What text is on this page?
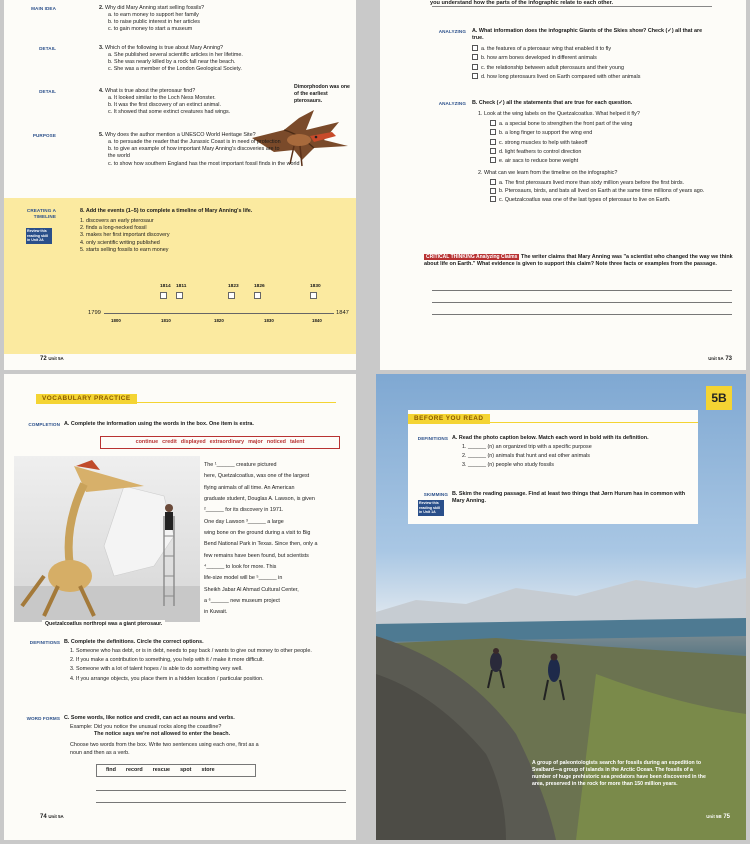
MAIN IDEA	2. Why did Mary Anning start selling fossils?
a. to earn money to support her family
b. to raise public interest in her articles
c. to gain money to start a museum
DETAIL	3. Which of the following is true about Mary Anning?
a. She published several scientific articles in her lifetime.
b. She was nearly killed by a rock fall near the beach.
c. She was a member of the London Geological Society.
DETAIL	4. What is true about the pterosaur find?
a. It looked similar to the Loch Ness Monster.
b. It was the first discovery of an extinct animal.
c. It showed that some extinct creatures had wings.
Dimorphodon was one of the earliest pterosaurs.
PURPOSE	5. Why does the author mention a UNESCO World Heritage Site?
a. to persuade the reader that the Jurassic Coast is in need of protection
b. to give an example of how important Mary Anning's discoveries are to the world
c. to show how southern England has the most important fossil finds in the world
CREATING A TIMELINE
Review this reading skill in Unit 2A
8. Add the events (1–5) to complete a timeline of Mary Anning's life.
1. discovers an early pterosaur
2. finds a long-necked fossil
3. makes her first important discovery
4. only scientific writing published
5. starts selling fossils to earn money
1814 1811	1823	1826	1830
1799	1847
1800	1810	1820	1830	1840
72 Unit 5A
you understand how the parts of the infographic relate to each other.
ANALYZING A. What information does the infographic Giants of the Skies show? Check (✓) all that are true.
a. the features of a pterosaur wing that enabled it to fly
b. how arm bones developed in different animals
c. the relationship between adult pterosaurs and their young
d. how long pterosaurs lived on Earth compared with other animals
ANALYZING B. Check (✓) all the statements that are true for each question.
1. Look at the wing labels on the Quetzalcoatlus. What helped it fly?
a. a special bone to strengthen the front part of the wing
b. a long finger to support the wing end
c. strong muscles to help with takeoff
d. light feathers to control direction
e. air sacs to reduce bone weight
2. What can we learn from the timeline on the infographic?
a. The first pterosaurs lived more than sixty million years before the first birds.
b. Pterosaurs, birds, and bats all lived on Earth at the same time millions of years ago.
c. Quetzalcoatlus was one of the last types of pterosaur to live on Earth.
CRITICAL THINKING Analyzing Claims The writer claims that Mary Anning was "a scientist who changed the way we think about life on Earth." What evidence is given to support this claim? Note three facts or examples from the passage.
Unit 5A 73
VOCABULARY PRACTICE
COMPLETION A. Complete the information using the words in the box. One item is extra.
continue credit displayed extraordinary major noticed talent
Quetzalcoatlus northropi was a giant pterosaur.
The ¹______ creature pictured
here, Quetzalcoatlus, was one of the largest
flying animals of all time. An American
graduate student, Douglas A. Lawson, is given
²______ for its discovery in 1971.
One day Lawson ³______ a large
wing bone on the ground during a visit to Big
Bend National Park in Texas. Since then, only a
few remains have been found, but scientists
⁴______ to look for more. This
life-size model will be ⁵______ in
Sheikh Jabar Al Ahmad Cultural Center,
a ⁶______ new museum project
in Kuwait.
DEFINITIONS B. Complete the definitions. Circle the correct options.
1. Someone who has debt, or is in debt, needs to pay back / wants to give out money to other people.
2. If you make a contribution to something, you help with it / make it more difficult.
3. Someone with a lot of talent hopes / is able to do something very well.
4. If you arrange objects, you place them in a hidden location / particular position.
WORD FORMS C. Some words, like notice and credit, can act as nouns and verbs.
Example: Did you notice the unusual rocks along the coastline?
The notice says we're not allowed to enter the beach.
Choose two words from the box. Write two sentences using each one, first as a noun and then as a verb.
find record rescue spot store
74 Unit 5A
5B
BEFORE YOU READ
DEFINITIONS A. Read the photo caption below. Match each word in bold with its definition.
1. ______ (n) an organized trip with a specific purpose
2. ______ (n) animals that hunt and eat other animals
3. ______ (n) people who study fossils
SKIMMING
Review this reading skill in Unit 1A
B. Skim the reading passage. Find at least two things that Jørn Hurum has in common with Mary Anning.
A group of paleontologists search for fossils during an expedition to Svalbard—a group of islands in the Arctic Ocean. The fossils of a number of huge prehistoric sea predators have been discovered in the area, preserved in the rock for more than 150 million years.
Unit 5B 75
